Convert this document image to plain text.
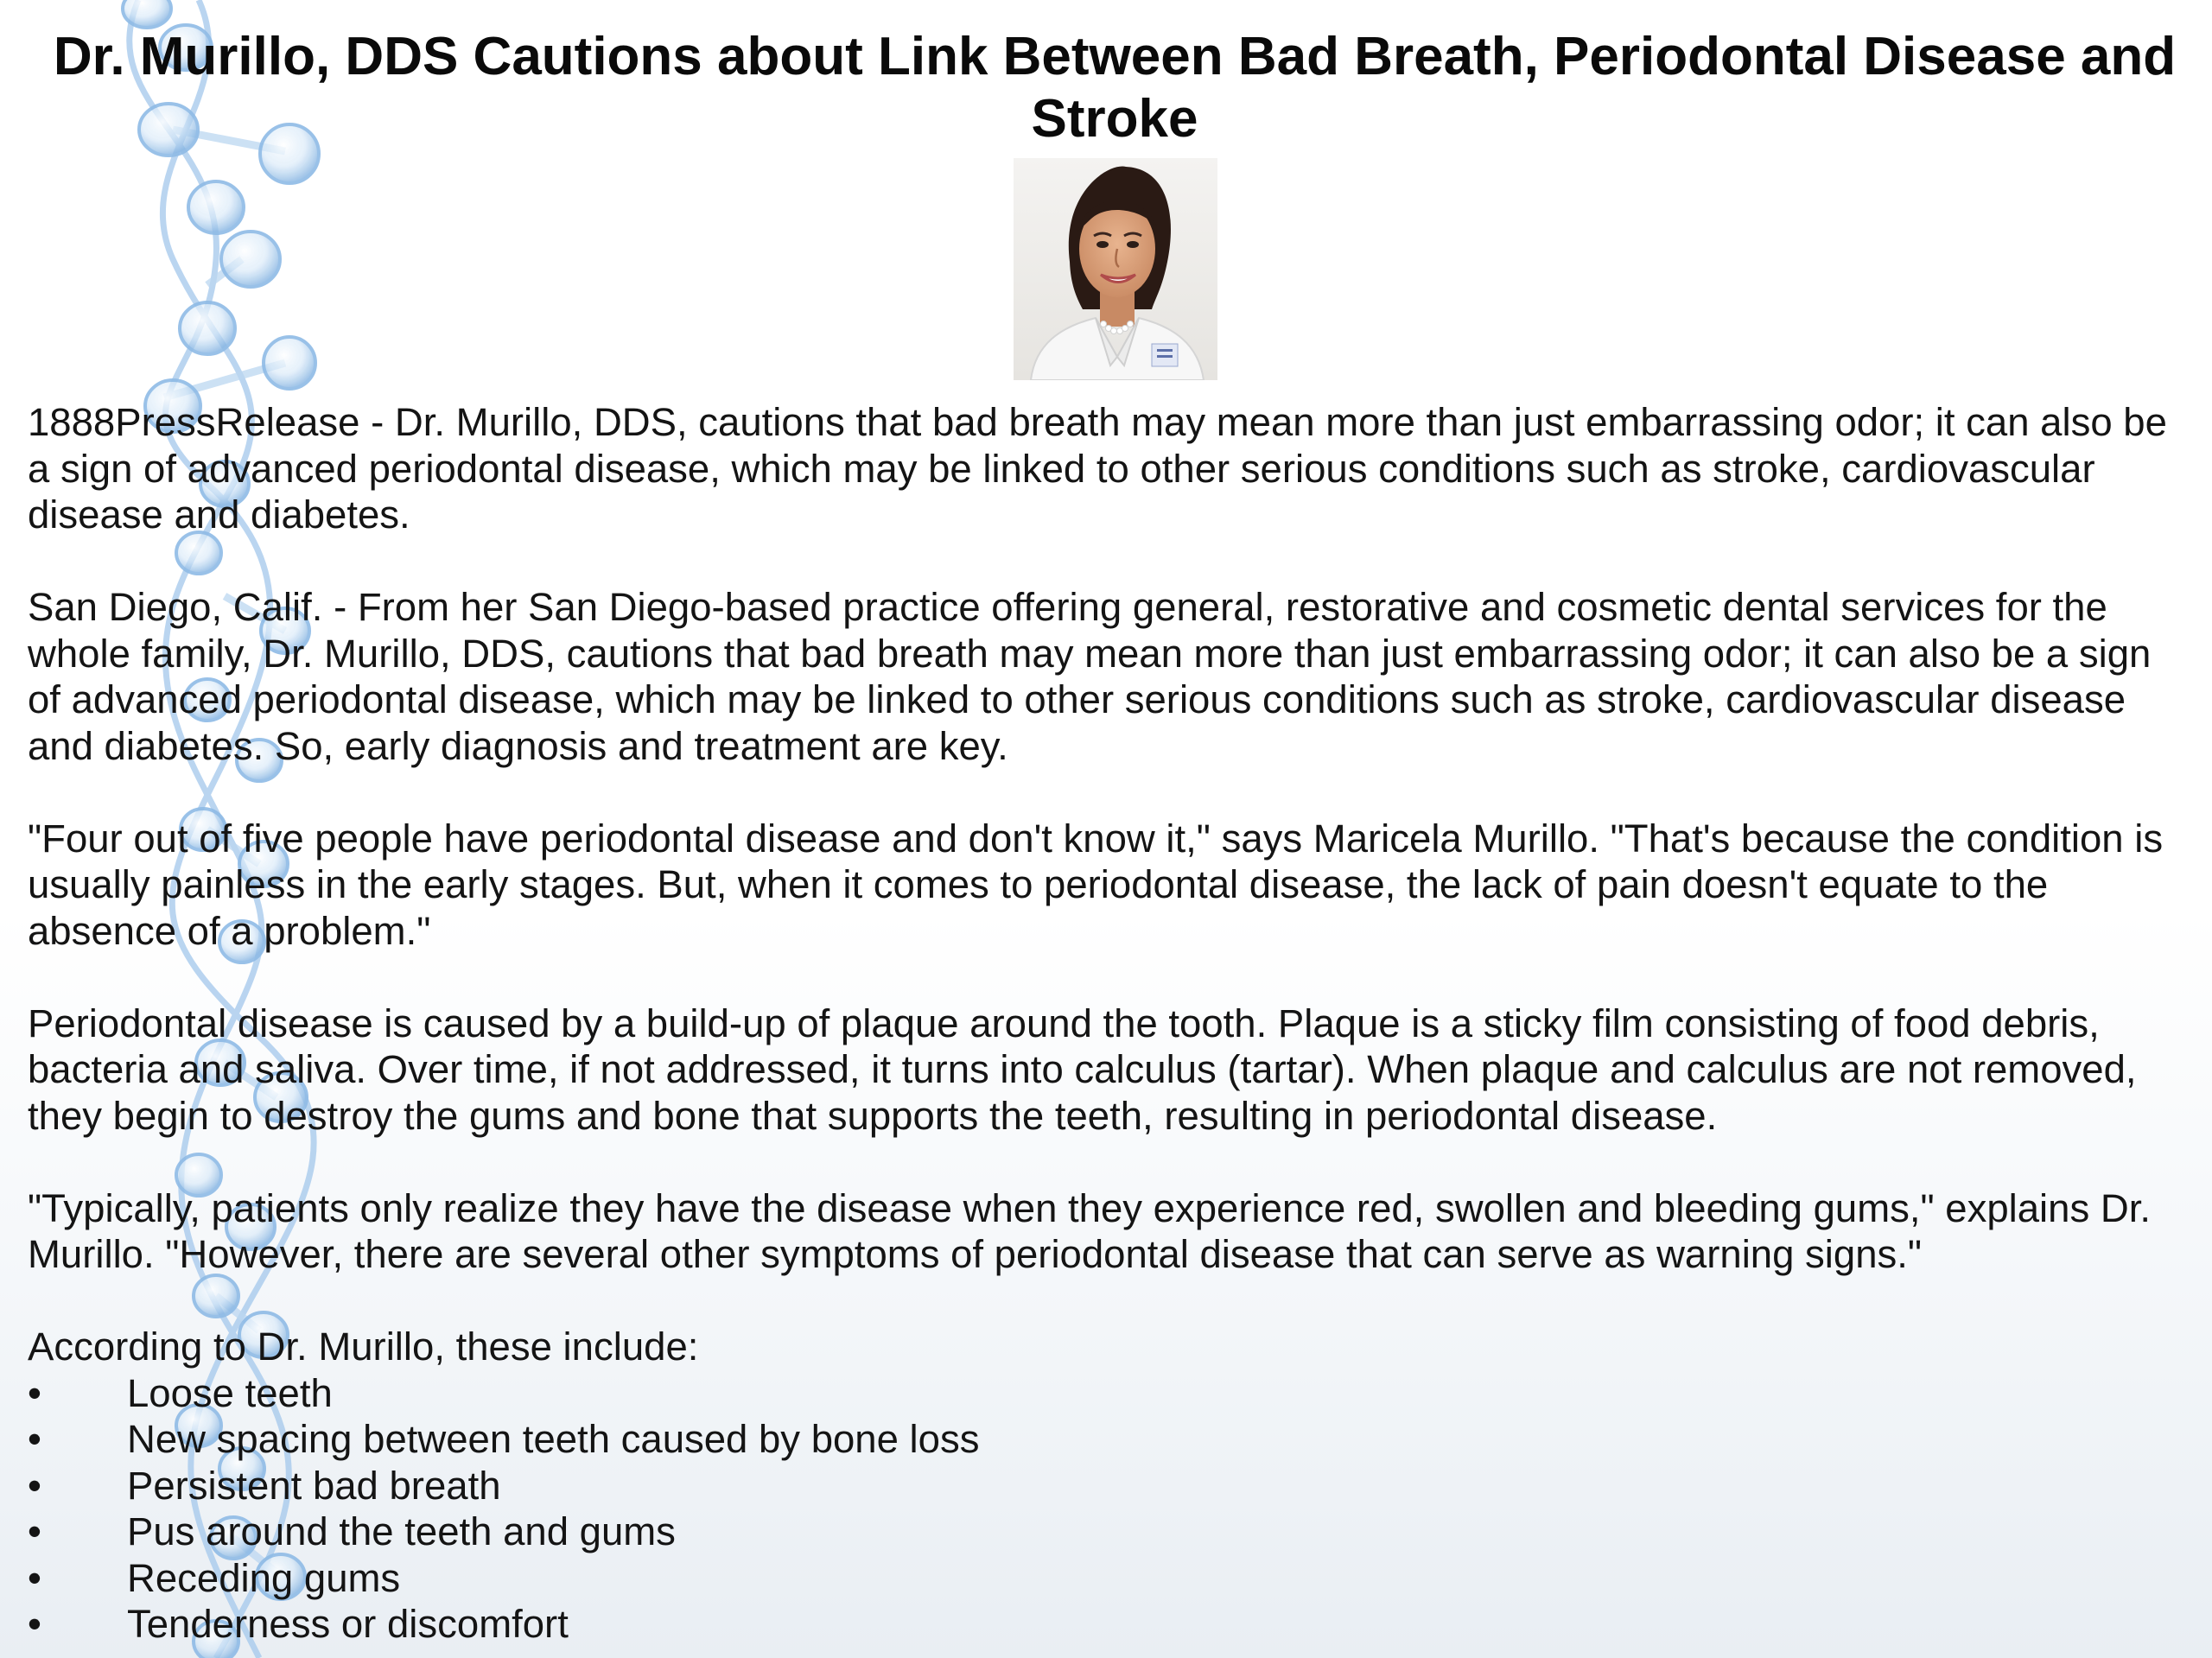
Dr. Murillo, DDS Cautions about Link Between Bad Breath, Periodontal Disease and Stroke

1888PressRelease - Dr. Murillo, DDS, cautions that bad breath may mean more than just embarrassing odor; it can also be a sign of advanced periodontal disease, which may be linked to other serious conditions such as stroke, cardiovascular disease and diabetes.

San Diego, Calif. - From her San Diego-based practice offering general, restorative and cosmetic dental services for the whole family, Dr. Murillo, DDS, cautions that bad breath may mean more than just embarrassing odor; it can also be a sign of advanced periodontal disease, which may be linked to other serious conditions such as stroke, cardiovascular disease and diabetes. So, early diagnosis and treatment are key.

"Four out of five people have periodontal disease and don't know it," says Maricela Murillo. "That's because the condition is usually painless in the early stages. But, when it comes to periodontal disease, the lack of pain doesn't equate to the absence of a problem."

Periodontal disease is caused by a build-up of plaque around the tooth. Plaque is a sticky film consisting of food debris, bacteria and saliva. Over time, if not addressed, it turns into calculus (tartar). When plaque and calculus are not removed, they begin to destroy the gums and bone that supports the teeth, resulting in periodontal disease.

"Typically, patients only realize they have the disease when they experience red, swollen and bleeding gums," explains Dr. Murillo. "However, there are several other symptoms of periodontal disease that can serve as warning signs."

According to Dr. Murillo, these include:

• Loose teeth
• New spacing between teeth caused by bone loss
• Persistent bad breath
• Pus around the teeth and gums
• Receding gums
• Tenderness or discomfort
